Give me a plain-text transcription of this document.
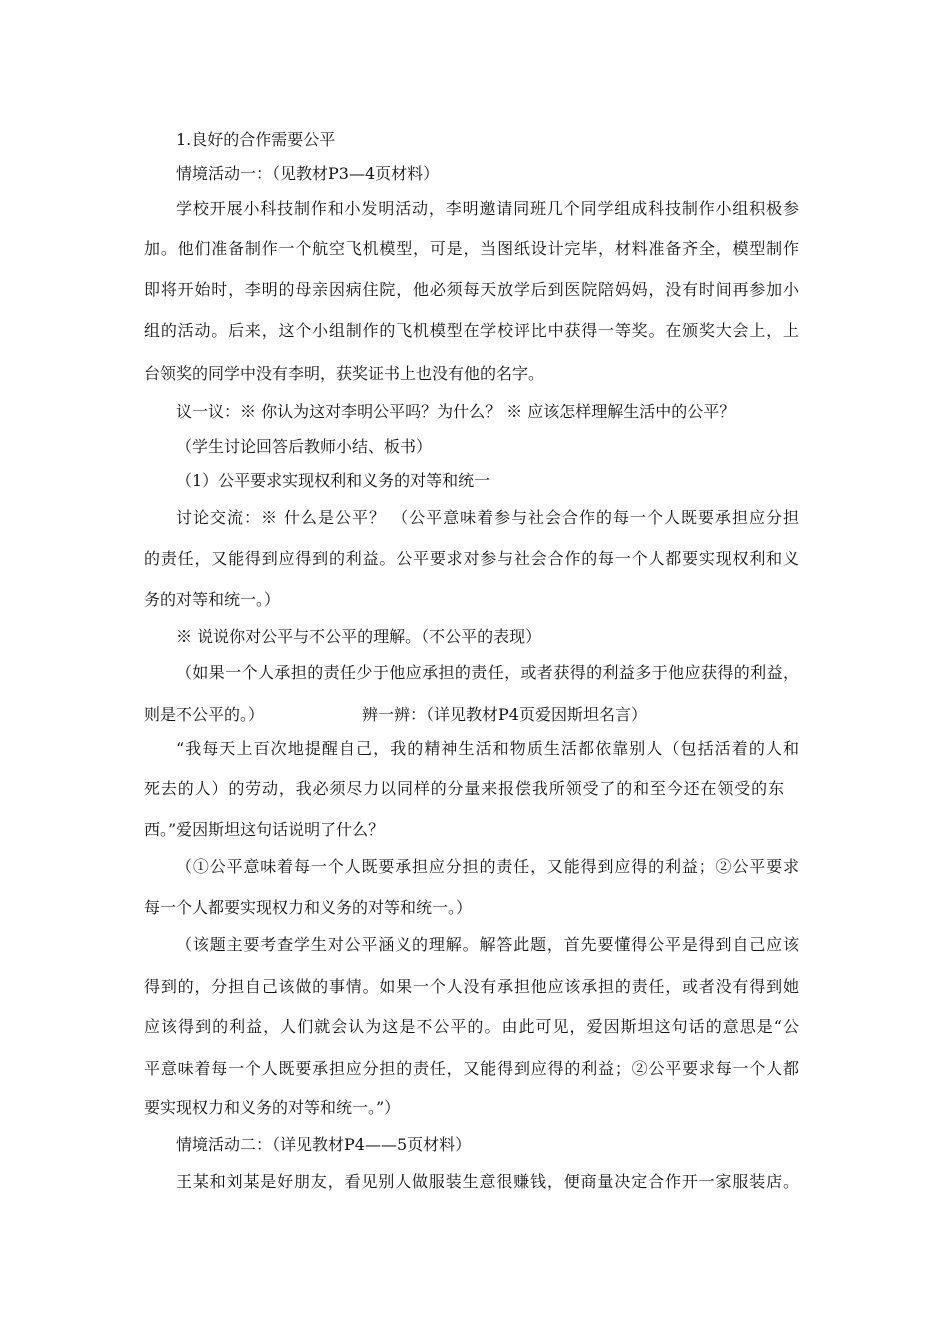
1.良好的合作需要公平
情境活动一：（见教材P3—4页材料）
学校开展小科技制作和小发明活动，李明邀请同班几个同学组成科技制作小组积极参
加。他们准备制作一个航空飞机模型，可是，当图纸设计完毕，材料准备齐全，模型制作
即将开始时，李明的母亲因病住院，他必须每天放学后到医院陪妈妈，没有时间再参加小
组的活动。后来，这个小组制作的飞机模型在学校评比中获得一等奖。在颁奖大会上，上
台领奖的同学中没有李明，获奖证书上也没有他的名字。
议一议：※ 你认为这对李明公平吗？为什么？ ※ 应该怎样理解生活中的公平？
（学生讨论回答后教师小结、板书）
（1）公平要求实现权利和义务的对等和统一
讨论交流：※ 什么是公平？ （公平意味着参与社会合作的每一个人既要承担应分担
的责任，又能得到应得到的利益。公平要求对参与社会合作的每一个人都要实现权利和义
务的对等和统一。）
※ 说说你对公平与不公平的理解。（不公平的表现）
（如果一个人承担的责任少于他应承担的责任，或者获得的利益多于他应获得的利益，
则是不公平的。）	辨一辨：（详见教材P4页爱因斯坦名言）
“我每天上百次地提醒自己，我的精神生活和物质生活都依靠别人（包括活着的人和
死去的人）的劳动，我必须尽力以同样的分量来报偿我所领受了的和至今还在领受的东
西。”爱因斯坦这句话说明了什么？
（①公平意味着每一个人既要承担应分担的责任，又能得到应得的利益；②公平要求
每一个人都要实现权力和义务的对等和统一。）
（该题主要考查学生对公平涵义的理解。解答此题，首先要懂得公平是得到自己应该
得到的，分担自己该做的事情。如果一个人没有承担他应该承担的责任，或者没有得到她
应该得到的利益，人们就会认为这是不公平的。由此可见，爱因斯坦这句话的意思是“公
平意味着每一个人既要承担应分担的责任，又能得到应得的利益；②公平要求每一个人都
要实现权力和义务的对等和统一。”）
情境活动二：（详见教材P4——5页材料）
王某和刘某是好朋友，看见别人做服装生意很赚钱，便商量决定合作开一家服装店。
